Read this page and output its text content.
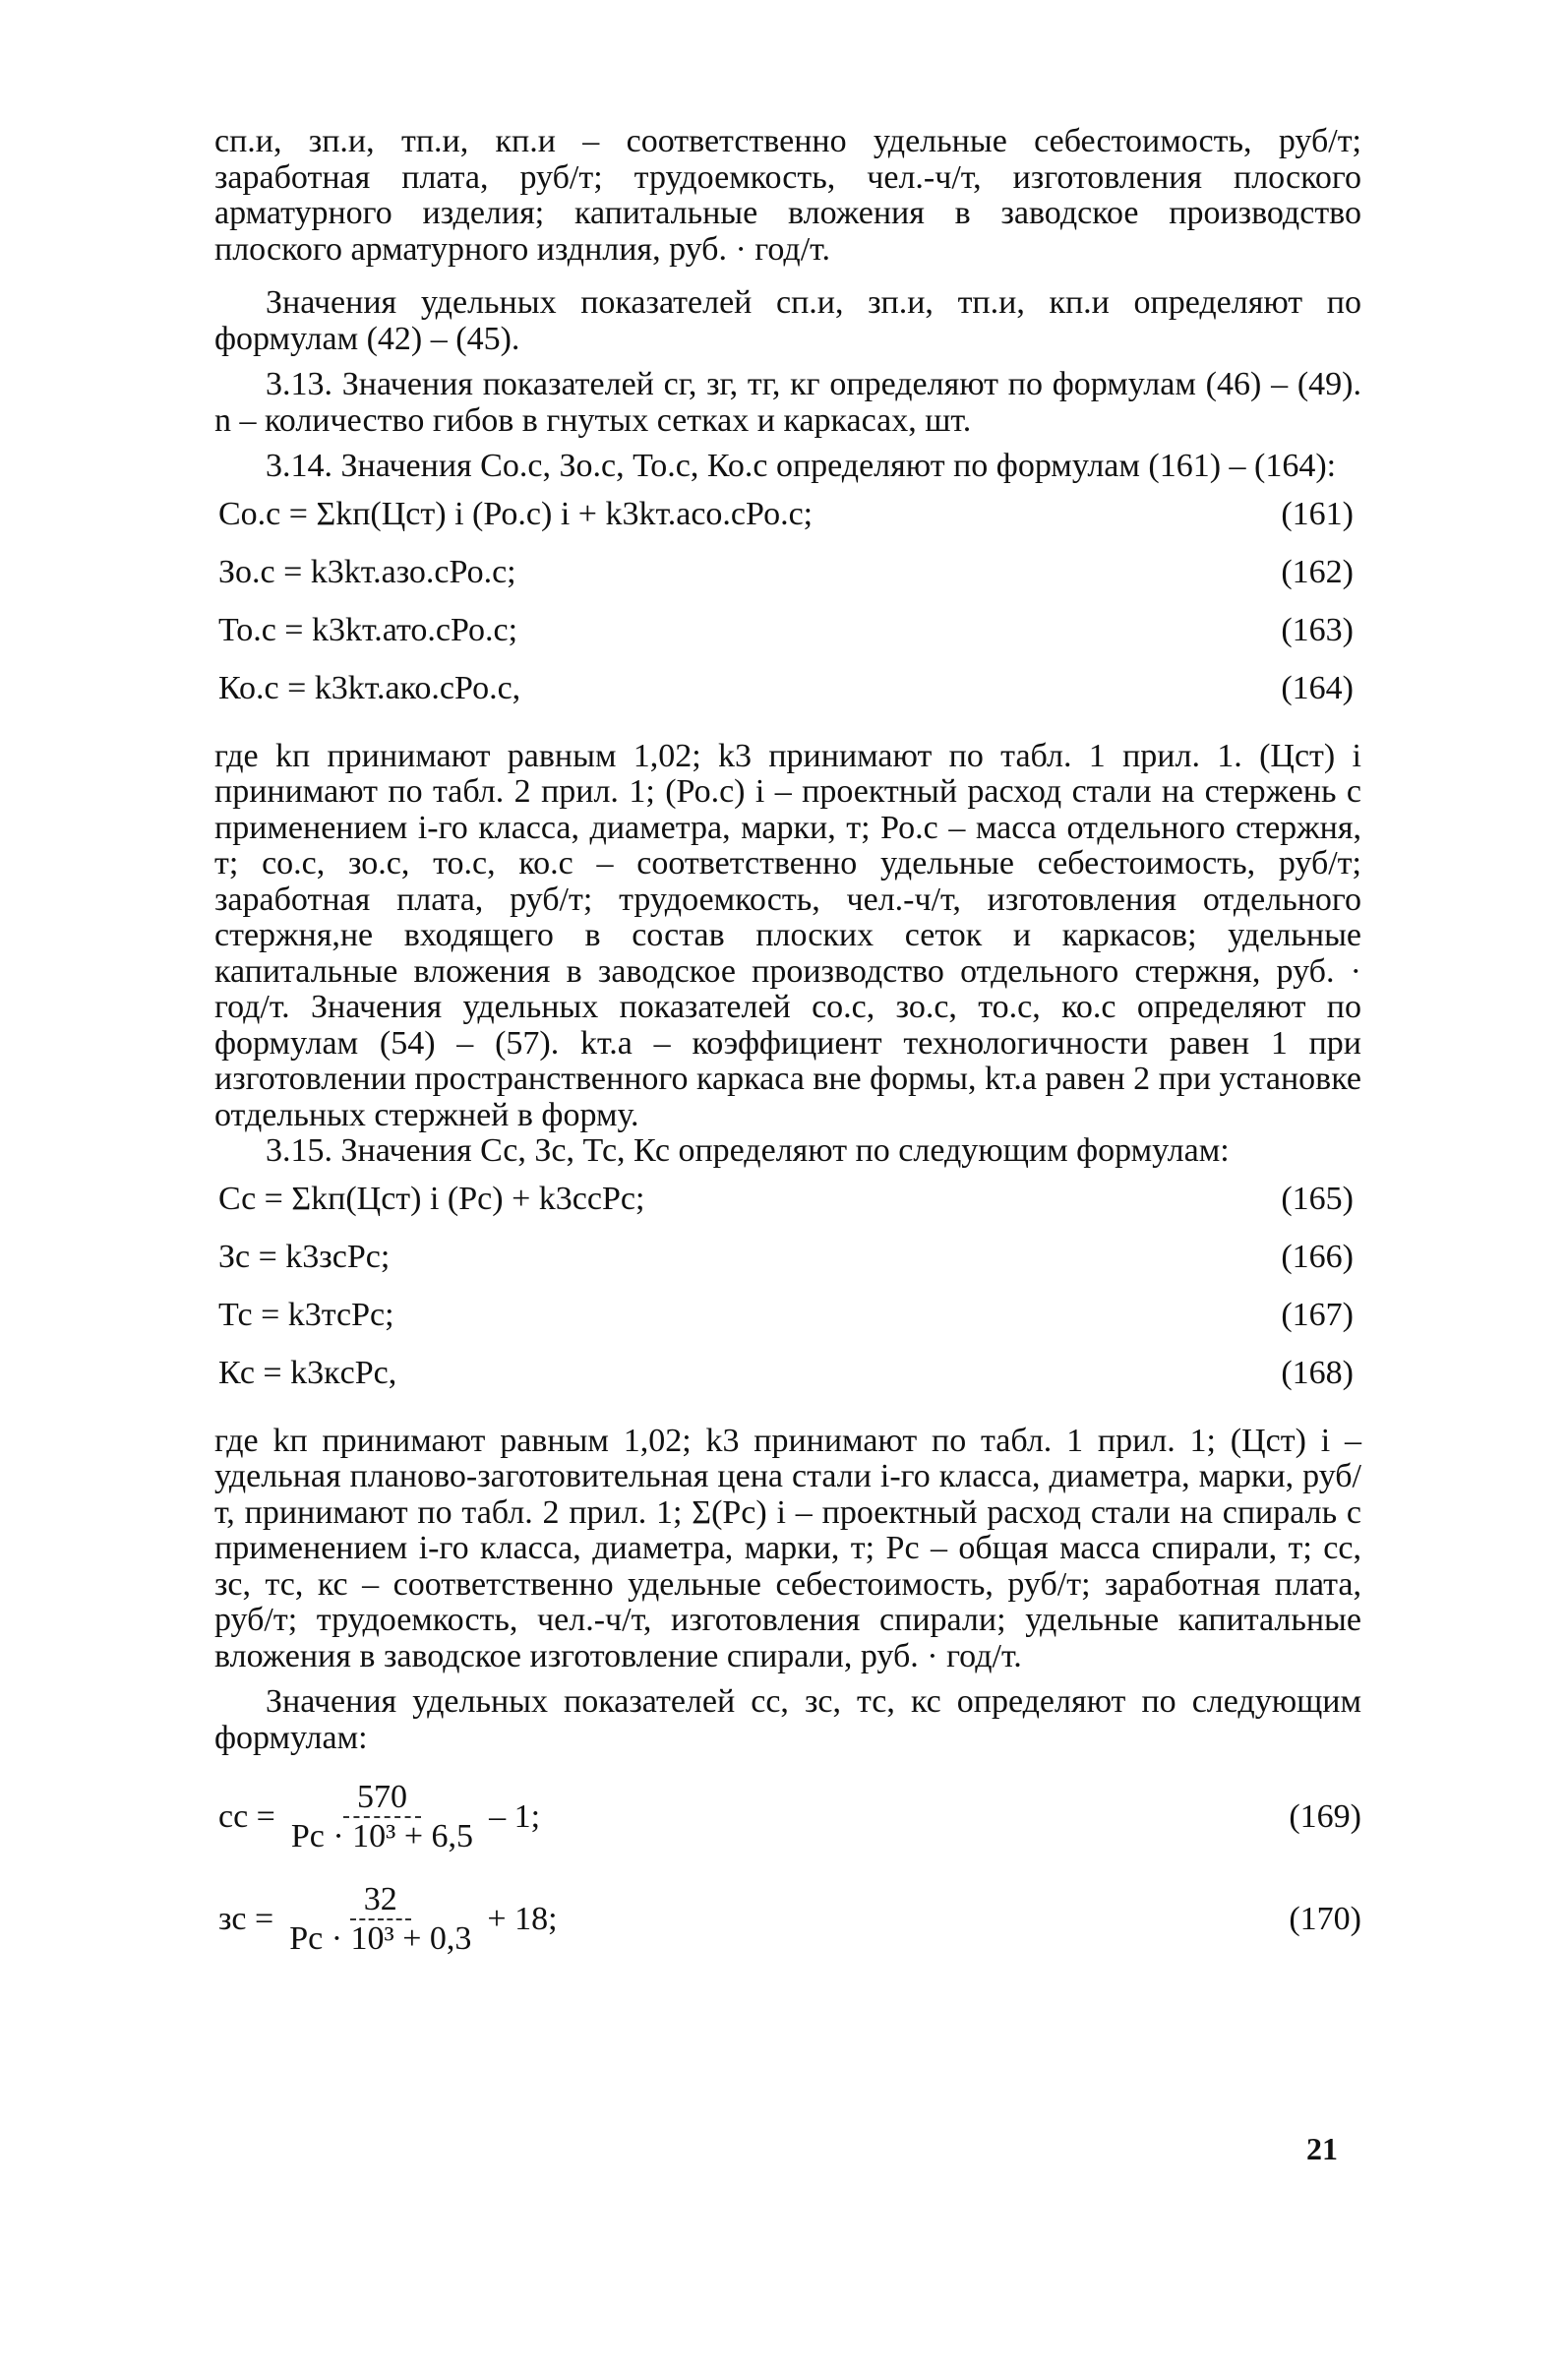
сп.и, зп.и, тп.и, кп.и – соответственно удельные себестоимость, руб/т; заработная плата, руб/т; трудоемкость, чел.-ч/т, изготовления плоского арматурного изделия; капитальные вложения в заводское производство плоского арматурного изднлия, руб. · год/т.

Значения удельных показателей сп.и, зп.и, тп.и, кп.и определяют по формулам (42) – (45).

3.13. Значения показателей сг, зг, тг, кг определяют по формулам (46) – (49). n – количество гибов в гнутых сетках и каркасах, шт.

3.14. Значения Со.с, Зо.с, То.с, Ко.с определяют по формулам (161) – (164):

Со.с = Σkп(Цст) i (Ро.с) i + k3kт.асо.сРо.с;	(161)
Зо.с = k3kт.азо.сРо.с;	(162)
То.с = k3kт.ато.сРо.с;	(163)
Ко.с = k3kт.ако.сРо.с,	(164)

где kп принимают равным 1,02; k3 принимают по табл. 1 прил. 1. (Цст) i принимают по табл. 2 прил. 1; (Ро.с) i – проектный расход стали на стержень с применением i-го класса, диаметра, марки, т; Ро.с – масса отдельного стержня, т; со.с, зо.с, то.с, ко.с – соответственно удельные себестоимость, руб/т; заработная плата, руб/т; трудоемкость, чел.-ч/т, изготовления отдельного стержня,не входящего в состав плоских сеток и каркасов; удельные капитальные вложения в заводское производство отдельного стержня, руб. · год/т. Значения удельных показателей со.с, зо.с, то.с, ко.с определяют по формулам (54) – (57). kт.а – коэффициент технологичности равен 1 при изготовлении пространственного каркаса вне формы, kт.а равен 2 при установке отдельных стержней в форму.

3.15. Значения Сс, Зс, Тс, Кс определяют по следующим формулам:

Сс = Σkп(Цст) i (Рс) + k3ссРс;	(165)
Зс = k3зсРс;	(166)
Тс = k3тсРс;	(167)
Кс = k3кcРс,	(168)

где kп принимают равным 1,02; k3 принимают по табл. 1 прил. 1; (Цст) i – удельная планово-заготовительная цена стали i-го класса, диаметра, марки, руб/т, принимают по табл. 2 прил. 1; Σ(Рс) i – проектный расход стали на спираль с применением i-го класса, диаметра, марки, т; Рс – общая масса спирали, т; сс, зс, тс, кс – соответственно удельные себестоимость, руб/т; заработная плата, руб/т; трудоемкость, чел.-ч/т, изготовления спирали; удельные капитальные вложения в заводское изготовление спирали, руб. · год/т.

Значения удельных показателей сс, зс, тс, кс определяют по следующим формулам:

сс = $\frac{570}{\text{Рс · 10³ + 6,5}} - 1$;	(169)
зс = $\frac{32}{\text{Рс · 10³ + 0,3}} + 18$;	(170)
21
